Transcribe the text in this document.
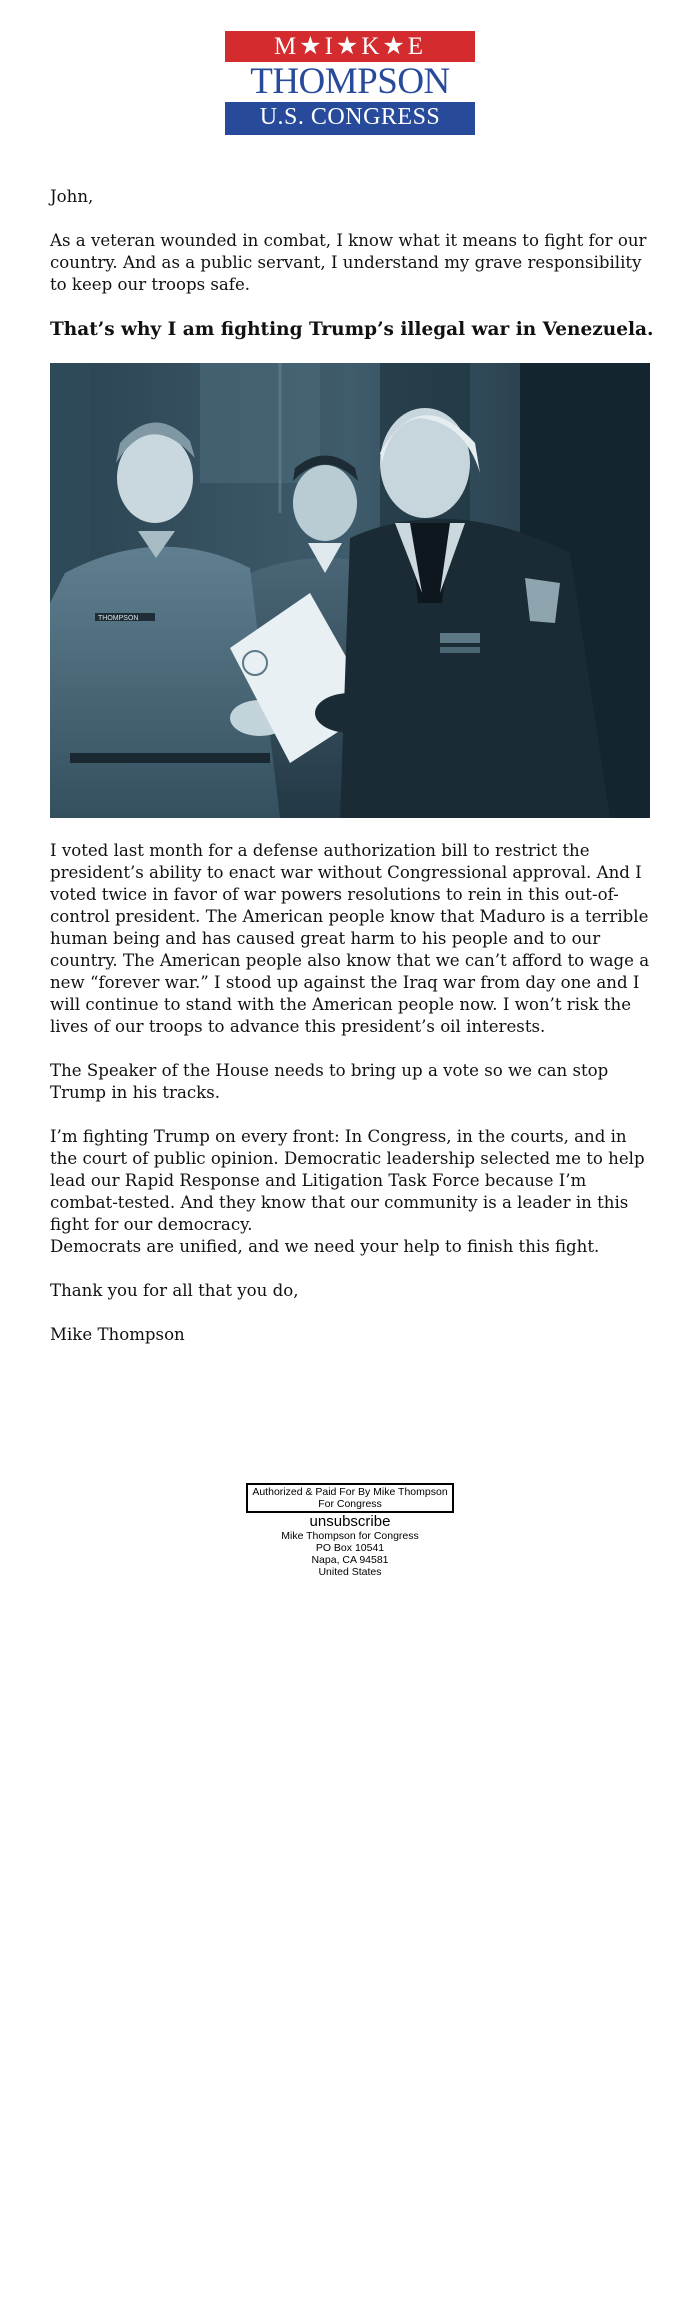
M★I★K★E
THOMPSON
U.S. CONGRESS

John,

As a veteran wounded in combat, I know what it means to fight for our country. And as a public servant, I understand my grave responsibility to keep our troops safe.

That’s why I am fighting Trump’s illegal war in Venezuela.

THOMPSON

I voted last month for a defense authorization bill to restrict the president’s ability to enact war without Congressional approval. And I voted twice in favor of war powers resolutions to rein in this out-of-control president. The American people know that Maduro is a terrible human being and has caused great harm to his people and to our country. The American people also know that we can’t afford to wage a new “forever war.” I stood up against the Iraq war from day one and I will continue to stand with the American people now. I won’t risk the lives of our troops to advance this president’s oil interests.

The Speaker of the House needs to bring up a vote so we can stop Trump in his tracks.

I’m fighting Trump on every front: In Congress, in the courts, and in the court of public opinion. Democratic leadership selected me to help lead our Rapid Response and Litigation Task Force because I’m combat-tested. And they know that our community is a leader in this fight for our democracy.

Democrats are unified, and we need your help to finish this fight.

Thank you for all that you do,

Mike Thompson

Authorized & Paid For By Mike Thompson
For Congress
unsubscribe
Mike Thompson for Congress
PO Box 10541
Napa, CA 94581
United States
